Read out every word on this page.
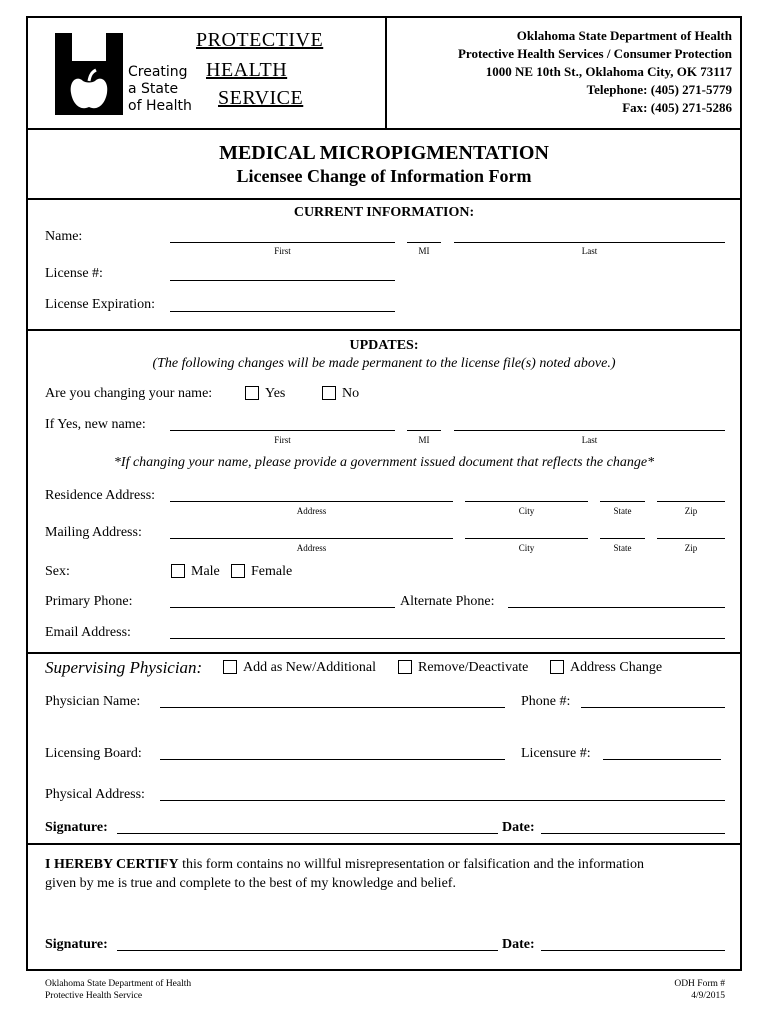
Creating
a State
of Health
PROTECTIVE
HEALTH
SERVICE
Oklahoma State Department of Health
Protective Health Services / Consumer Protection
1000 NE 10th St., Oklahoma City, OK 73117
Telephone: (405) 271-5779
Fax: (405) 271-5286
MEDICAL MICROPIGMENTATION
Licensee Change of Information Form
CURRENT INFORMATION:
Name:
First	MI	Last
License #:
License Expiration:
UPDATES:
(The following changes will be made permanent to the license file(s) noted above.)
Are you changing your name:	Yes	No
If Yes, new name:
First	MI	Last
*If changing your name, please provide a government issued document that reflects the change*
Residence Address:
Address	City	State	Zip
Mailing Address:
Address	City	State	Zip
Sex:	Male Female
Primary Phone:	Alternate Phone:
Email Address:
Supervising Physician:	Add as New/Additional	Remove/Deactivate	Address Change
Physician Name:	Phone #:
Licensing Board:	Licensure #:
Physical Address:
Signature:	Date:
I HEREBY CERTIFY this form contains no willful misrepresentation or falsification and the information
given by me is true and complete to the best of my knowledge and belief.
Signature:	Date:
Oklahoma State Department of Health
Protective Health Service
ODH Form #
4/9/2015
